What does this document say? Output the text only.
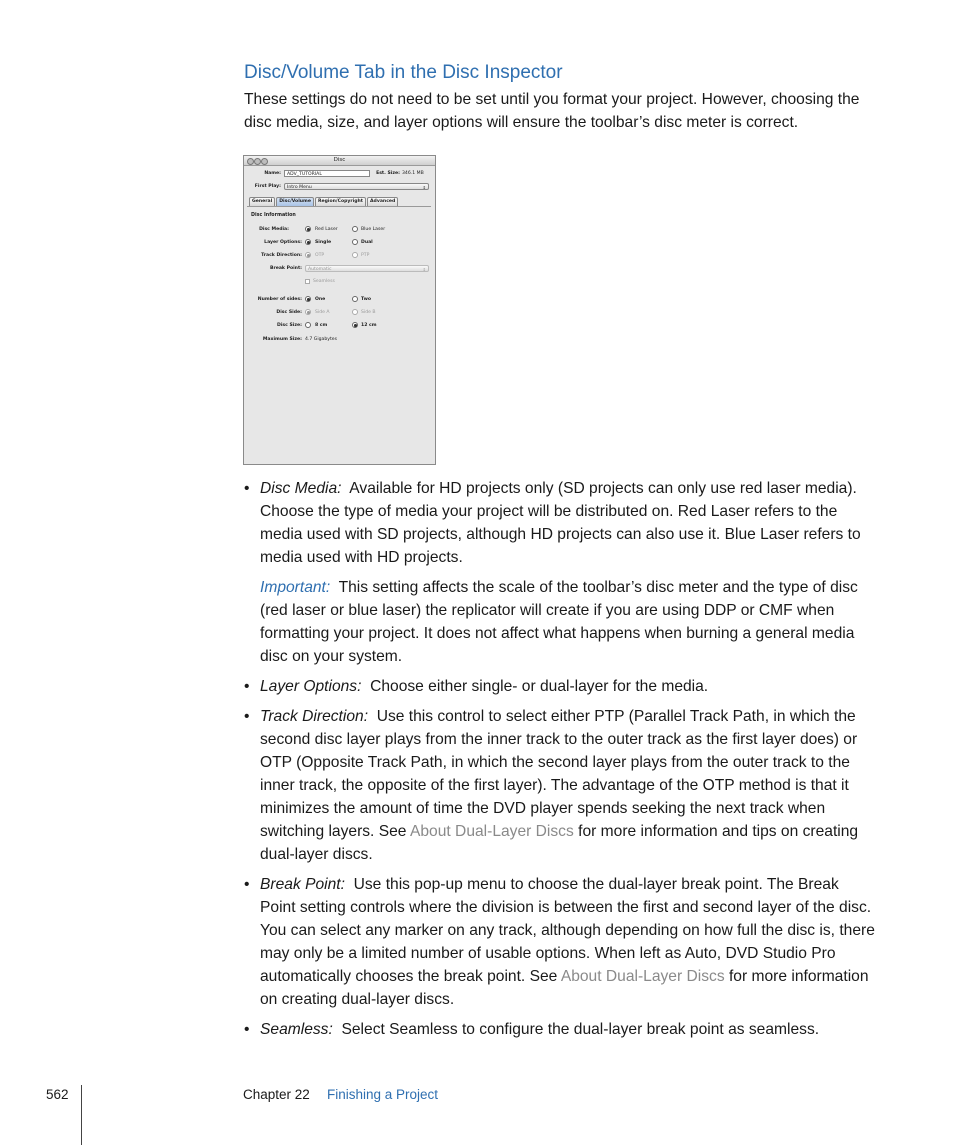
Disc/Volume Tab in the Disc Inspector

These settings do not need to be set until you format your project. However, choosing the disc media, size, and layer options will ensure the toolbar’s disc meter is correct.

Disc
Name:	ADV_TUTORIAL	Est. Size: 346.1 MB
First Play:	Intro Menu	⇕
General Disc/Volume Region/Copyright Advanced
Disc Information
Disc Media:	Red Laser	Blue Laser
Layer Options:	Single	Dual
Track Direction:	OTP	PTP
Break Point:	Automatic	⇕
Seamless
Number of sides:	One	Two
Disc Side:	Side A	Side B
Disc Size:	8 cm	12 cm
Maximum Size: 4.7 Gigabytes
• Disc Media: Available for HD projects only (SD projects can only use red laser media). Choose the type of media your project will be distributed on. Red Laser refers to the media used with SD projects, although HD projects can also use it. Blue Laser refers to media used with HD projects.
Important: This setting affects the scale of the toolbar’s disc meter and the type of disc (red laser or blue laser) the replicator will create if you are using DDP or CMF when formatting your project. It does not affect what happens when burning a general media disc on your system.
• Layer Options: Choose either single- or dual-layer for the media.
• Track Direction: Use this control to select either PTP (Parallel Track Path, in which the second disc layer plays from the inner track to the outer track as the first layer does) or OTP (Opposite Track Path, in which the second layer plays from the outer track to the inner track, the opposite of the first layer). The advantage of the OTP method is that it minimizes the amount of time the DVD player spends seeking the next track when switching layers. See About Dual-Layer Discs for more information and tips on creating dual-layer discs.
• Break Point: Use this pop-up menu to choose the dual-layer break point. The Break Point setting controls where the division is between the first and second layer of the disc. You can select any marker on any track, although depending on how full the disc is, there may only be a limited number of usable options. When left as Auto, DVD Studio Pro automatically chooses the break point. See About Dual-Layer Discs for more information on creating dual-layer discs.
• Seamless: Select Seamless to configure the dual-layer break point as seamless.
562	Chapter 22 Finishing a Project
